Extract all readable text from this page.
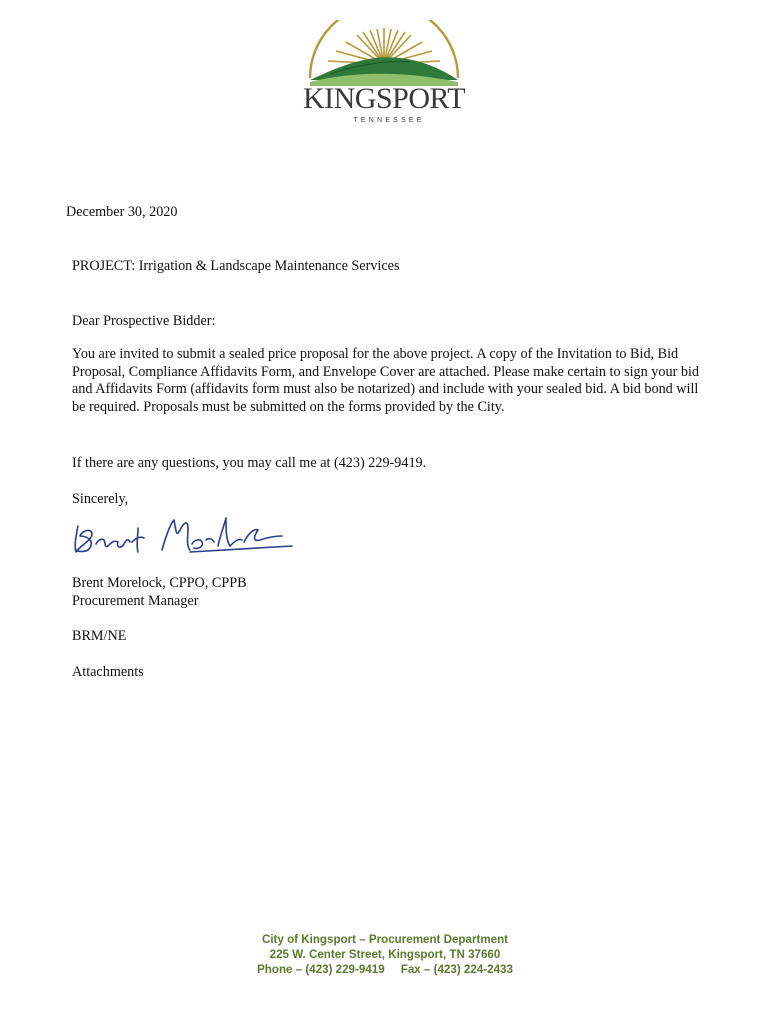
KINGSPORT
TENNESSEE

December 30, 2020

PROJECT: Irrigation & Landscape Maintenance Services

Dear Prospective Bidder:

You are invited to submit a sealed price proposal for the above project. A copy of the Invitation to Bid, Bid Proposal, Compliance Affidavits Form, and Envelope Cover are attached. Please make certain to sign your bid and Affidavits Form (affidavits form must also be notarized) and include with your sealed bid. A bid bond will be required. Proposals must be submitted on the forms provided by the City.

If there are any questions, you may call me at (423) 229-9419.

Sincerely,

Brent Morelock, CPPO, CPPB

Procurement Manager

BRM/NE

Attachments

City of Kingsport – Procurement Department
225 W. Center Street, Kingsport, TN 37660
Phone – (423) 229-9419     Fax – (423) 224-2433
